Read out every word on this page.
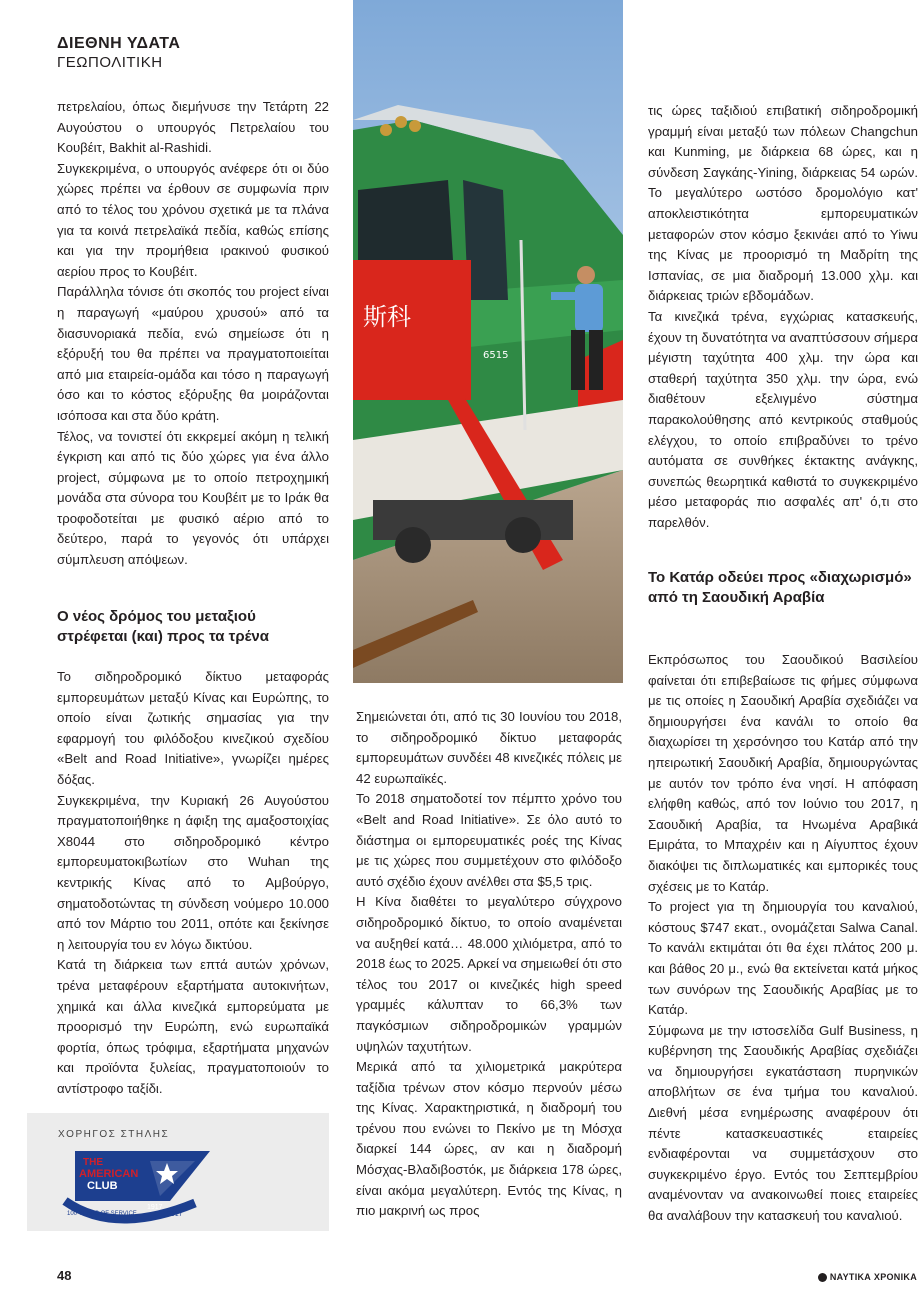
ΔΙΕΘΝΗ ΥΔΑΤΑ
ΓΕΩΠΟΛΙΤΙΚΗ

πετρελαίου, όπως διεμήνυσε την Τετάρτη 22 Αυγούστου ο υπουργός Πετρελαίου του Κουβέιτ, Bakhit al-Rashidi.

Συγκεκριμένα, ο υπουργός ανέφερε ότι οι δύο χώρες πρέπει να έρθουν σε συμφωνία πριν από το τέλος του χρόνου σχετικά με τα πλάνα για τα κοινά πετρελαϊκά πεδία, καθώς επίσης και για την προμήθεια ιρακινού φυσικού αερίου προς το Κουβέιτ.

Παράλληλα τόνισε ότι σκοπός του project είναι η παραγωγή «μαύρου χρυσού» από τα διασυνοριακά πεδία, ενώ σημείωσε ότι η εξόρυξή του θα πρέπει να πραγματοποιείται από μια εταιρεία-ομάδα και τόσο η παραγωγή όσο και το κόστος εξόρυξης θα μοιράζονται ισόποσα και στα δύο κράτη.

Τέλος, να τονιστεί ότι εκκρεμεί ακόμη η τελική έγκριση και από τις δύο χώρες για ένα άλλο project, σύμφωνα με το οποίο πετροχημική μονάδα στα σύνορα του Κουβέιτ με το Ιράκ θα τροφοδοτείται με φυσικό αέριο από το δεύτερο, παρά το γεγονός ότι υπάρχει σύμπλευση απόψεων.

Ο νέος δρόμος του μεταξιού στρέφεται (και) προς τα τρένα

Το σιδηροδρομικό δίκτυο μεταφοράς εμπορευμάτων μεταξύ Κίνας και Ευρώπης, το οποίο είναι ζωτικής σημασίας για την εφαρμογή του φιλόδοξου κινεζικού σχεδίου «Belt and Road Initiative», γνωρίζει ημέρες δόξας.

Συγκεκριμένα, την Κυριακή 26 Αυγούστου πραγματοποιήθηκε η άφιξη της αμαξοστοιχίας X8044 στο σιδηροδρομικό κέντρο εμπορευματοκιβωτίων στο Wuhan της κεντρικής Κίνας από το Αμβούργο, σηματοδοτώντας τη σύνδεση νούμερο 10.000 από τον Μάρτιο του 2011, οπότε και ξεκίνησε η λειτουργία του εν λόγω δικτύου.

Κατά τη διάρκεια των επτά αυτών χρόνων, τρένα μεταφέρουν εξαρτήματα αυτοκινήτων, χημικά και άλλα κινεζικά εμπορεύματα με προορισμό την Ευρώπη, ενώ ευρωπαϊκά φορτία, όπως τρόφιμα, εξαρτήματα μηχανών και προϊόντα ξυλείας, πραγματοποιούν το αντίστροφο ταξίδι.

斯科
6515

Σημειώνεται ότι, από τις 30 Ιουνίου του 2018, το σιδηροδρομικό δίκτυο μεταφοράς εμπορευμάτων συνδέει 48 κινεζικές πόλεις με 42 ευρωπαϊκές.

Το 2018 σηματοδοτεί τον πέμπτο χρόνο του «Belt and Road Initiative». Σε όλο αυτό το διάστημα οι εμπορευματικές ροές της Κίνας με τις χώρες που συμμετέχουν στο φιλόδοξο αυτό σχέδιο έχουν ανέλθει στα $5,5 τρις.

Η Κίνα διαθέτει το μεγαλύτερο σύγχρονο σιδηροδρομικό δίκτυο, το οποίο αναμένεται να αυξηθεί κατά… 48.000 χιλιόμετρα, από το 2018 έως το 2025. Αρκεί να σημειωθεί ότι στο τέλος του 2017 οι κινεζικές high speed γραμμές κάλυπταν το 66,3% των παγκόσμιων σιδηροδρομικών γραμμών υψηλών ταχυτήτων.

Μερικά από τα χιλιομετρικά μακρύτερα ταξίδια τρένων στον κόσμο περνούν μέσω της Κίνας. Χαρακτηριστικά, η διαδρομή του τρένου που ενώνει το Πεκίνο με τη Μόσχα διαρκεί 144 ώρες, αν και η διαδρομή Μόσχας-Βλαδιβοστόκ, με διάρκεια 178 ώρες, είναι ακόμα μεγαλύτερη. Εντός της Κίνας, η πιο μακρινή ως προς

τις ώρες ταξιδιού επιβατική σιδηροδρομική γραμμή είναι μεταξύ των πόλεων Changchun και Kunming, με διάρκεια 68 ώρες, και η σύνδεση Σαγκάης-Yining, διάρκειας 54 ωρών. Το μεγαλύτερο ωστόσο δρομολόγιο κατ' αποκλειστικότητα εμπορευματικών μεταφορών στον κόσμο ξεκινάει από το Yiwu της Κίνας με προορισμό τη Μαδρίτη της Ισπανίας, σε μια διαδρομή 13.000 χλμ. και διάρκειας τριών εβδομάδων.

Τα κινεζικά τρένα, εγχώριας κατασκευής, έχουν τη δυνατότητα να αναπτύσσουν σήμερα μέγιστη ταχύτητα 400 χλμ. την ώρα και σταθερή ταχύτητα 350 χλμ. την ώρα, ενώ διαθέτουν εξελιγμένο σύστημα παρακολούθησης από κεντρικούς σταθμούς ελέγχου, το οποίο επιβραδύνει το τρένο αυτόματα σε συνθήκες έκτακτης ανάγκης, συνεπώς θεωρητικά καθιστά το συγκεκριμένο μέσο μεταφοράς πιο ασφαλές απ' ό,τι στο παρελθόν.

Το Κατάρ οδεύει προς «διαχωρισμό» από τη Σαουδική Αραβία

Εκπρόσωπος του Σαουδικού Βασιλείου φαίνεται ότι επιβεβαίωσε τις φήμες σύμφωνα με τις οποίες η Σαουδική Αραβία σχεδιάζει να δημιουργήσει ένα κανάλι το οποίο θα διαχωρίσει τη χερσόνησο του Κατάρ από την ηπειρωτική Σαουδική Αραβία, δημιουργώντας με αυτόν τον τρόπο ένα νησί. Η απόφαση ελήφθη καθώς, από τον Ιούνιο του 2017, η Σαουδική Αραβία, τα Ηνωμένα Αραβικά Εμιράτα, το Μπαχρέιν και η Αίγυπτος έχουν διακόψει τις διπλωματικές και εμπορικές τους σχέσεις με το Κατάρ.

Το project για τη δημιουργία του καναλιού, κόστους $747 εκατ., ονομάζεται Salwa Canal. Το κανάλι εκτιμάται ότι θα έχει πλάτος 200 μ. και βάθος 20 μ., ενώ θα εκτείνεται κατά μήκος των συνόρων της Σαουδικής Αραβίας με το Κατάρ.

Σύμφωνα με την ιστοσελίδα Gulf Business, η κυβέρνηση της Σαουδικής Αραβίας σχεδιάζει να δημιουργήσει εγκατάσταση πυρηνικών αποβλήτων σε ένα τμήμα του καναλιού. Διεθνή μέσα ενημέρωσης αναφέρουν ότι πέντε κατασκευαστικές εταιρείες ενδιαφέρονται να συμμετάσχουν στο συγκεκριμένο έργο. Εντός του Σεπτεμβρίου αναμένονταν να ανακοινωθεί ποιες εταιρείες θα αναλάβουν την κατασκευή του καναλιού.

ΧΟΡΗΓΟΣ ΣΤΗΛΗΣ
THE
AMERICAN
CLUB
100 YEARS OF SERVICE
1917
2017
48	ΝΑΥΤΙΚΑ ΧΡΟΝΙΚΑ
